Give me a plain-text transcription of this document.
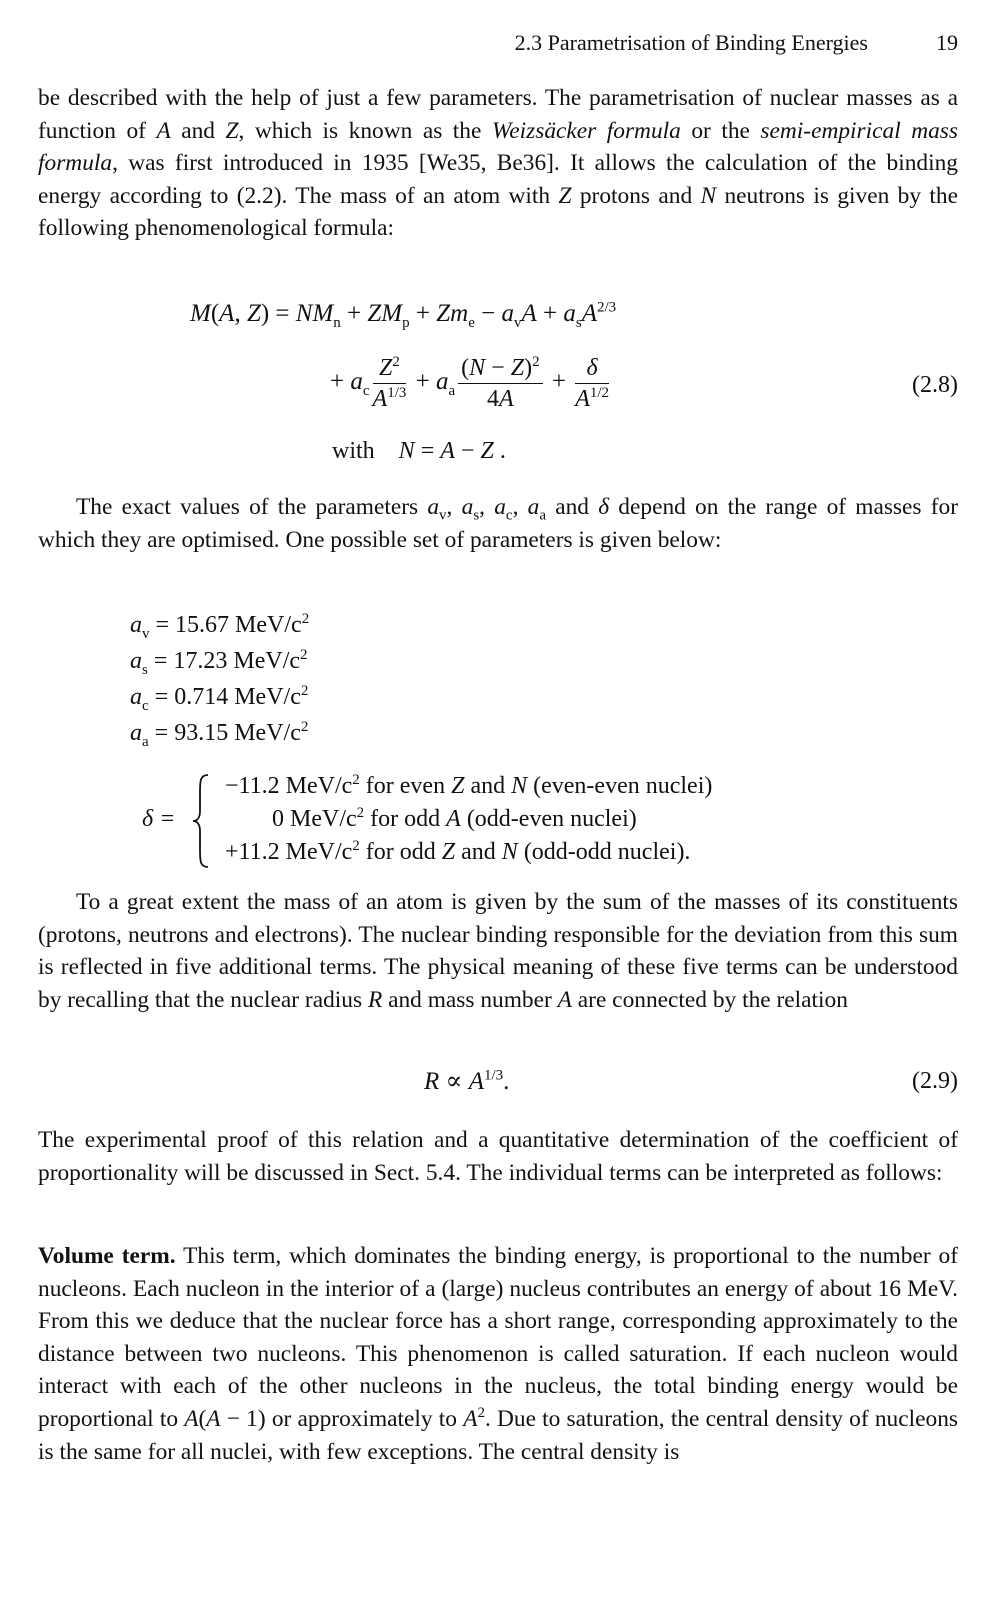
2.3 Parametrisation of Binding Energies	19

be described with the help of just a few parameters. The parametrisation of nuclear masses as a function of A and Z, which is known as the Weizsäcker formula or the semi-empirical mass formula, was first introduced in 1935 [We35, Be36]. It allows the calculation of the binding energy according to (2.2). The mass of an atom with Z protons and N neutrons is given by the following phenomenological formula:

M(A, $Z) = NM_n + ZM_p + Zm_e - a_vA + a_sA^{2/3}$
+ $a_c \frac{Z^2}{A^{1/3}} + a_a \frac{(N - Z)^2}{4A} + \frac{\delta}{A^{1/2}}$	(2.8)
with N = A − Z .

The exact values of the parameters $a_v$, $a_s$, $a_c$, $a_a$ and δ depend on the range of masses for which they are optimised. One possible set of parameters is given below:

$a_v = 15.67$ MeV/$c^2$
$a_s = 17.23$ MeV/$c^2$
$a_c = 0.714$ MeV/$c^2$
$a_a = 93.15$ MeV/$c^2$
δ =
−11.2 MeV/$c^2$ for even Z and N (even-even nuclei)
0 MeV/$c^2$ for odd A (odd-even nuclei)
+11.2 MeV/$c^2$ for odd Z and N (odd-odd nuclei).

To a great extent the mass of an atom is given by the sum of the masses of its constituents (protons, neutrons and electrons). The nuclear binding responsible for the deviation from this sum is reflected in five additional terms. The physical meaning of these five terms can be understood by recalling that the nuclear radius R and mass number A are connected by the relation

$R \propto A^{1/3}$.	(2.9)

The experimental proof of this relation and a quantitative determination of the coefficient of proportionality will be discussed in Sect. 5.4. The individual terms can be interpreted as follows:

Volume term. This term, which dominates the binding energy, is proportional to the number of nucleons. Each nucleon in the interior of a (large) nucleus contributes an energy of about 16 MeV. From this we deduce that the nuclear force has a short range, corresponding approximately to the distance between two nucleons. This phenomenon is called saturation. If each nucleon would interact with each of the other nucleons in the nucleus, the total binding energy would be proportional to A(A − 1) or approximately to $A^2$. Due to saturation, the central density of nucleons is the same for all nuclei, with few exceptions. The central density is
